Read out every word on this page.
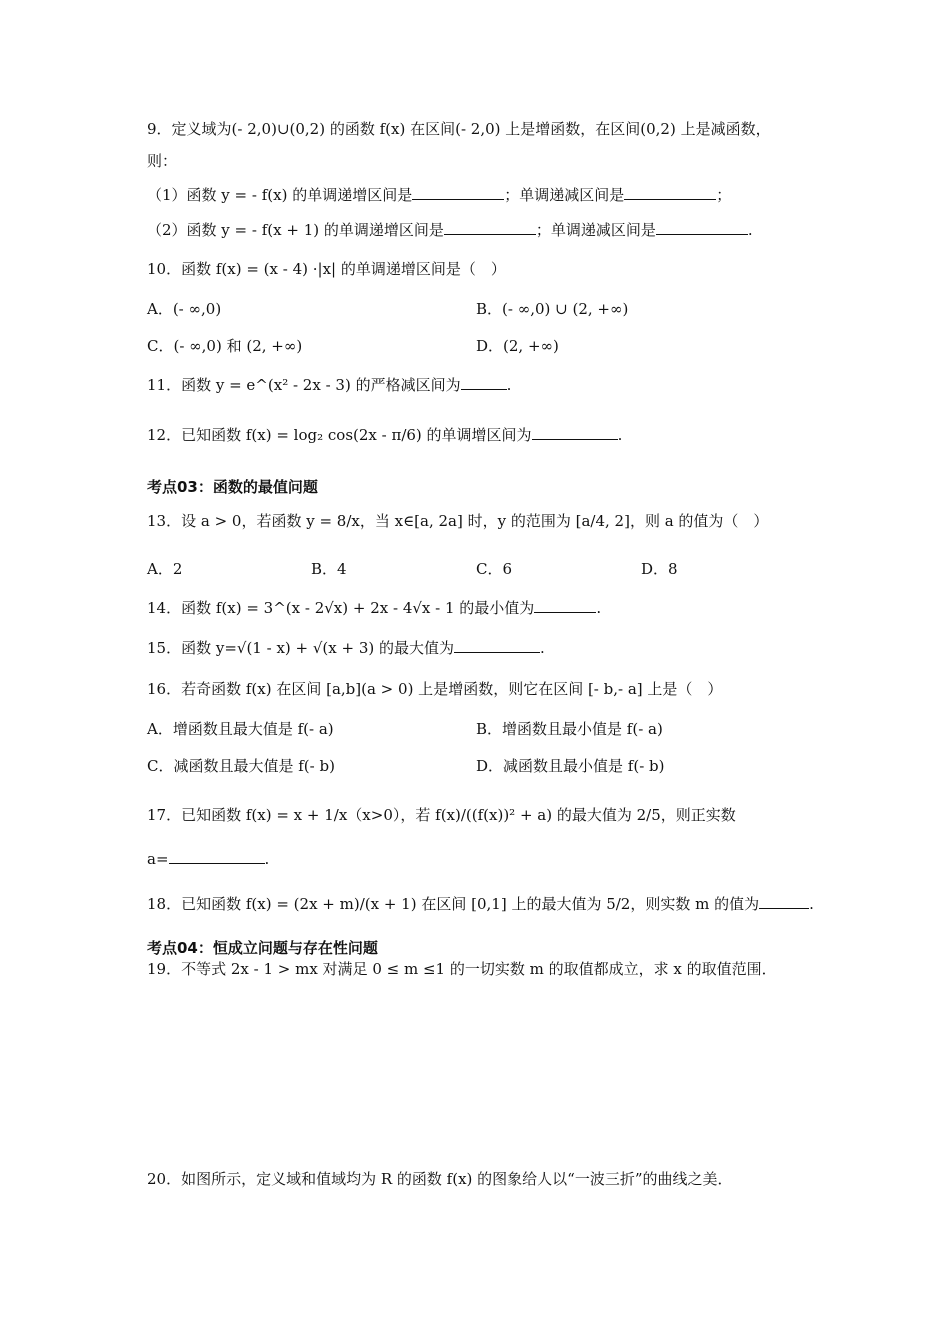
9．定义域为(- 2,0)∪(0,2) 的函数 f(x) 在区间(- 2,0) 上是增函数，在区间(0,2) 上是减函数，
则：
（1）函数 y = - f(x) 的单调递增区间是	；单调递减区间是	；
（2）函数 y = - f(x + 1) 的单调递增区间是	；单调递减区间是	.
10．函数 f(x) = (x - 4) ·|x| 的单调递增区间是（　）
A．(- ∞,0)	B．(- ∞,0) ∪ (2, +∞)
C．(- ∞,0) 和 (2, +∞)	D．(2, +∞)
11．函数 y = e^(x² - 2x - 3) 的严格减区间为	.
12．已知函数 f(x) = log₂ cos(2x - π/6) 的单调增区间为	.
考点03：函数的最值问题
13．设 a > 0，若函数 y = 8/x，当 x∈[a, 2a] 时，y 的范围为 [a/4, 2]，则 a 的值为（　）
A．2	B．4	C．6	D．8
14．函数 f(x) = 3^(x - 2√x) + 2x - 4√x - 1 的最小值为	.
15．函数 y=√(1 - x) + √(x + 3) 的最大值为	.
16．若奇函数 f(x) 在区间 [a,b](a > 0) 上是增函数，则它在区间 [- b,- a] 上是（　）
A．增函数且最大值是 f(- a)	B．增函数且最小值是 f(- a)
C．减函数且最大值是 f(- b)	D．减函数且最小值是 f(- b)
17．已知函数 f(x) = x + 1/x（x>0），若 f(x)/((f(x))² + a) 的最大值为 2/5，则正实数
a=	.
18．已知函数 f(x) = (2x + m)/(x + 1) 在区间 [0,1] 上的最大值为 5/2，则实数 m 的值为	.
考点04：恒成立问题与存在性问题
19．不等式 2x - 1 > mx 对满足 0 ≤ m ≤1 的一切实数 m 的取值都成立，求 x 的取值范围．
20．如图所示，定义域和值域均为 R 的函数 f(x) 的图象给人以“一波三折”的曲线之美．
